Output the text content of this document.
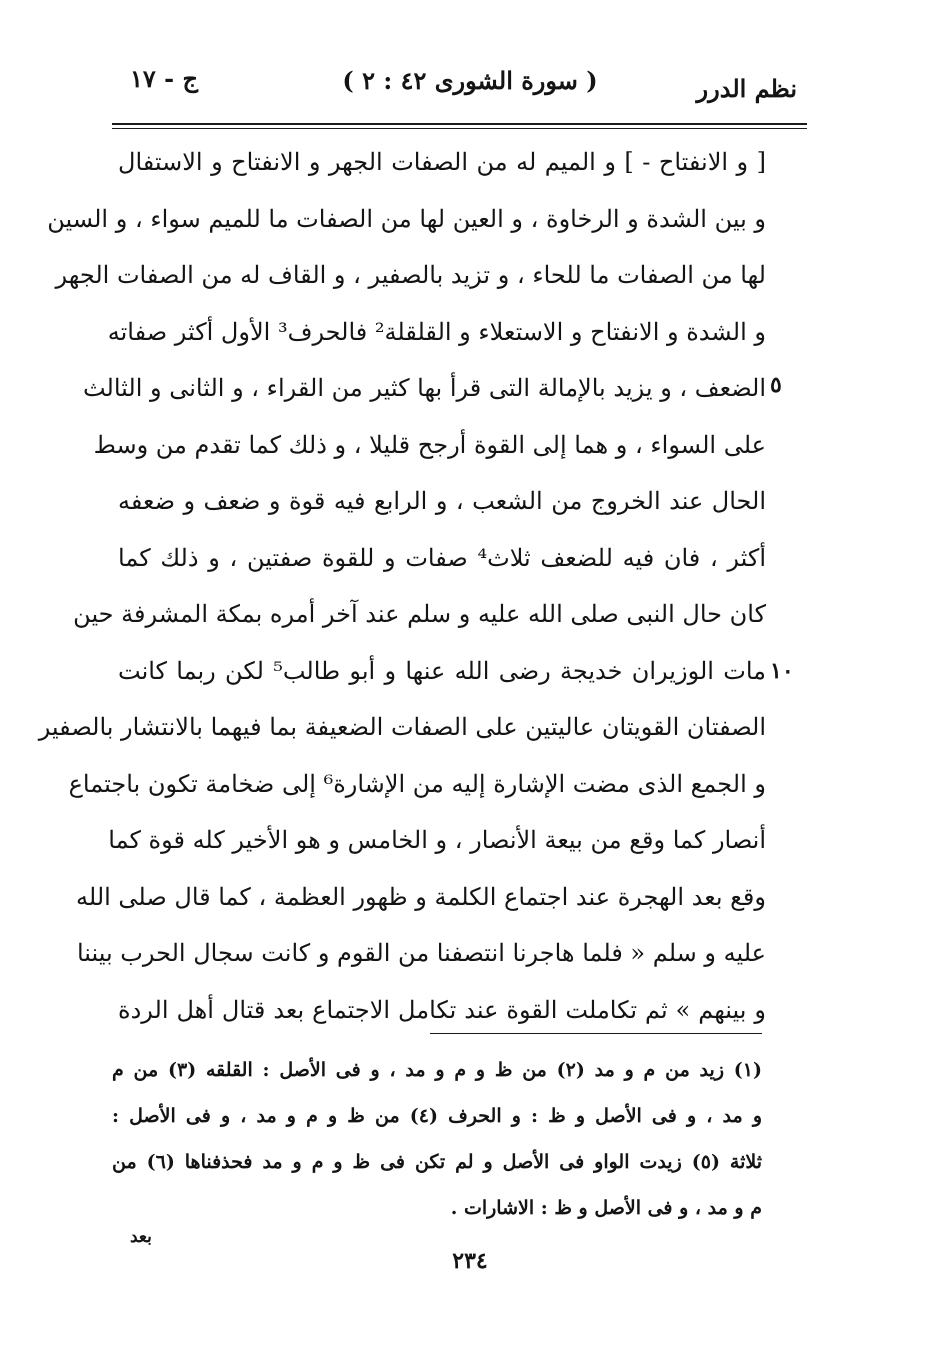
نظم الدرر
( سورة الشورى ٤٢ : ٢ )
ج - ١٧
[ و الانفتاح - ] و الميم له من الصفات الجهر و الانفتاح و الاستفال
و بين الشدة و الرخاوة ، و العين لها من الصفات ما للميم سواء ، و السين
لها من الصفات ما للحاء ، و تزيد بالصفير ، و القاف له من الصفات الجهر
و الشدة و الانفتاح و الاستعلاء و القلقلة² فالحرف³ الأول أكثر صفاته
الضعف ، و يزيد بالإمالة التى قرأ بها كثير من القراء ، و الثانى و الثالث
على السواء ، و هما إلى القوة أرجح قليلا ، و ذلك كما تقدم من وسط
الحال عند الخروج من الشعب ، و الرابع فيه قوة و ضعف و ضعفه
أكثر ، فان فيه للضعف ثلاث⁴ صفات و للقوة صفتين ، و ذلك كما
كان حال النبى صلى الله عليه و سلم عند آخر أمره بمكة المشرفة حين
مات الوزيران خديجة رضى الله عنها و أبو طالب⁵ لكن ربما كانت
الصفتان القويتان عاليتين على الصفات الضعيفة بما فيهما بالانتشار بالصفير
و الجمع الذى مضت الإشارة إليه من الإشارة⁶ إلى ضخامة تكون باجتماع
أنصار كما وقع من بيعة الأنصار ، و الخامس و هو الأخير كله قوة كما
وقع بعد الهجرة عند اجتماع الكلمة و ظهور العظمة ، كما قال صلى الله
عليه و سلم « فلما هاجرنا انتصفنا من القوم و كانت سجال الحرب بيننا
و بينهم » ثم تكاملت القوة عند تكامل الاجتماع بعد قتال أهل الردة
٥
١٠
(١) زيد من م و مد (٢) من ظ و م و مد ، و فى الأصل : القلقه (٣) من م
و مد ، و فى الأصل و ظ : و الحرف (٤) من ظ و م و مد ، و فى الأصل :
ثلاثة (٥) زيدت الواو فى الأصل و لم تكن فى ظ و م و مد فحذفناها (٦) من
م و مد ، و فى الأصل و ظ : الاشارات .
بعد
٢٣٤
